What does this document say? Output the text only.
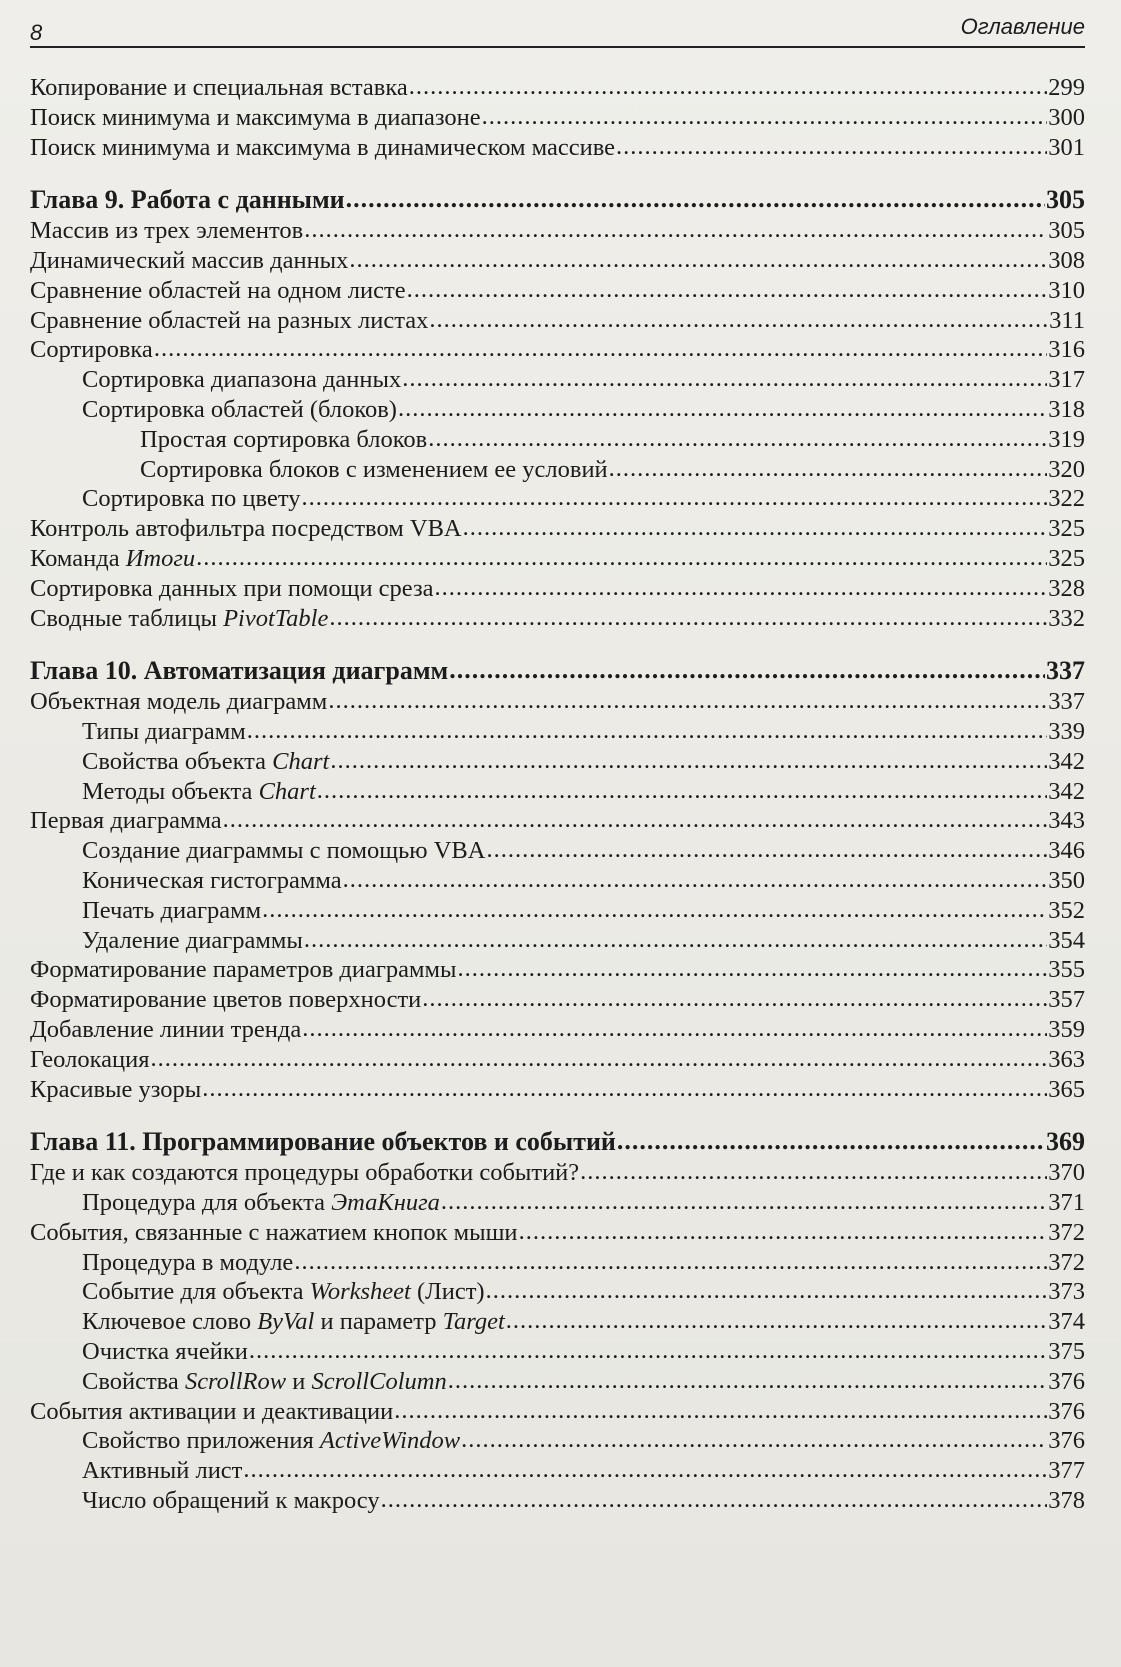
8	Оглавление
Копирование и специальная вставка .....	299
Поиск минимума и максимума в диапазоне .....	300
Поиск минимума и максимума в динамическом массиве .....	301
Глава 9. Работа с данными .....	305
Массив из трех элементов .....	305
Динамический массив данных .....	308
Сравнение областей на одном листе .....	310
Сравнение областей на разных листах .....	311
Сортировка .....	316
Сортировка диапазона данных .....	317
Сортировка областей (блоков) .....	318
Простая сортировка блоков .....	319
Сортировка блоков с изменением ее условий .....	320
Сортировка по цвету .....	322
Контроль автофильтра посредством VBA .....	325
Команда Итоги .....	325
Сортировка данных при помощи среза .....	328
Сводные таблицы PivotTable .....	332
Глава 10. Автоматизация диаграмм .....	337
Объектная модель диаграмм .....	337
Типы диаграмм .....	339
Свойства объекта Chart .....	342
Методы объекта Chart .....	342
Первая диаграмма .....	343
Создание диаграммы с помощью VBA .....	346
Коническая гистограмма .....	350
Печать диаграмм .....	352
Удаление диаграммы .....	354
Форматирование параметров диаграммы .....	355
Форматирование цветов поверхности .....	357
Добавление линии тренда .....	359
Геолокация .....	363
Красивые узоры .....	365
Глава 11. Программирование объектов и событий .....	369
Где и как создаются процедуры обработки событий? .....	370
Процедура для объекта ЭтаКнига .....	371
События, связанные с нажатием кнопок мыши .....	372
Процедура в модуле .....	372
Событие для объекта Worksheet (Лист) .....	373
Ключевое слово ByVal и параметр Target .....	374
Очистка ячейки .....	375
Свойства ScrollRow и ScrollColumn .....	376
События активации и деактивации .....	376
Свойство приложения ActiveWindow .....	376
Активный лист .....	377
Число обращений к макросу .....	378
